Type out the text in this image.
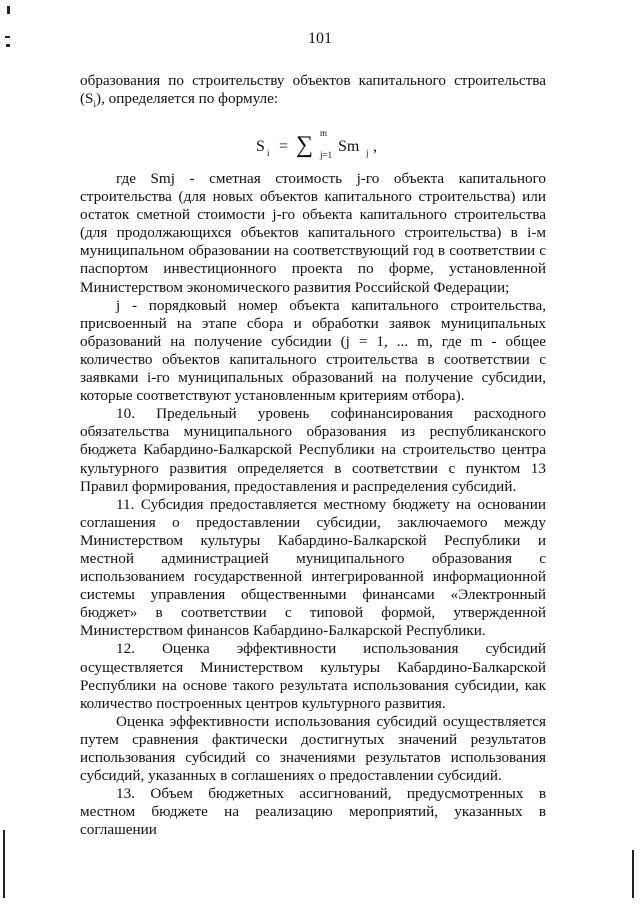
101

образования по строительству объектов капитального строительства $(S_i)$, определяется по формуле:

S i = ∑ m
j=1 Sm j ,

где Smj - сметная стоимость j-го объекта капитального строительства (для новых объектов капитального строительства) или остаток сметной стоимости j-го объекта капитального строительства (для продолжающихся объектов капитального строительства) в i-м муниципальном образовании на соответствующий год в соответствии с паспортом инвестиционного проекта по форме, установленной Министерством экономического развития Российской Федерации;

j - порядковый номер объекта капитального строительства, присвоенный на этапе сбора и обработки заявок муниципальных образований на получение субсидии (j = 1, ... m, где m - общее количество объектов капитального строительства в соответствии с заявками i-го муниципальных образований на получение субсидии, которые соответствуют установленным критериям отбора).

10. Предельный уровень софинансирования расходного обязательства муниципального образования из республиканского бюджета Кабардино-Балкарской Республики на строительство центра культурного развития определяется в соответствии с пунктом 13 Правил формирования, предоставления и распределения субсидий.

11. Субсидия предоставляется местному бюджету на основании соглашения о предоставлении субсидии, заключаемого между Министерством культуры Кабардино-Балкарской Республики и местной администрацией муниципального образования с использованием государственной интегрированной информационной системы управления общественными финансами «Электронный бюджет» в соответствии с типовой формой, утвержденной Министерством финансов Кабардино-Балкарской Республики.

12. Оценка эффективности использования субсидий осуществляется Министерством культуры Кабардино-Балкарской Республики на основе такого результата использования субсидии, как количество построенных центров культурного развития.

Оценка эффективности использования субсидий осуществляется путем сравнения фактически достигнутых значений результатов использования субсидий со значениями результатов использования субсидий, указанных в соглашениях о предоставлении субсидий.

13. Объем бюджетных ассигнований, предусмотренных в местном бюджете на реализацию мероприятий, указанных в соглашении
